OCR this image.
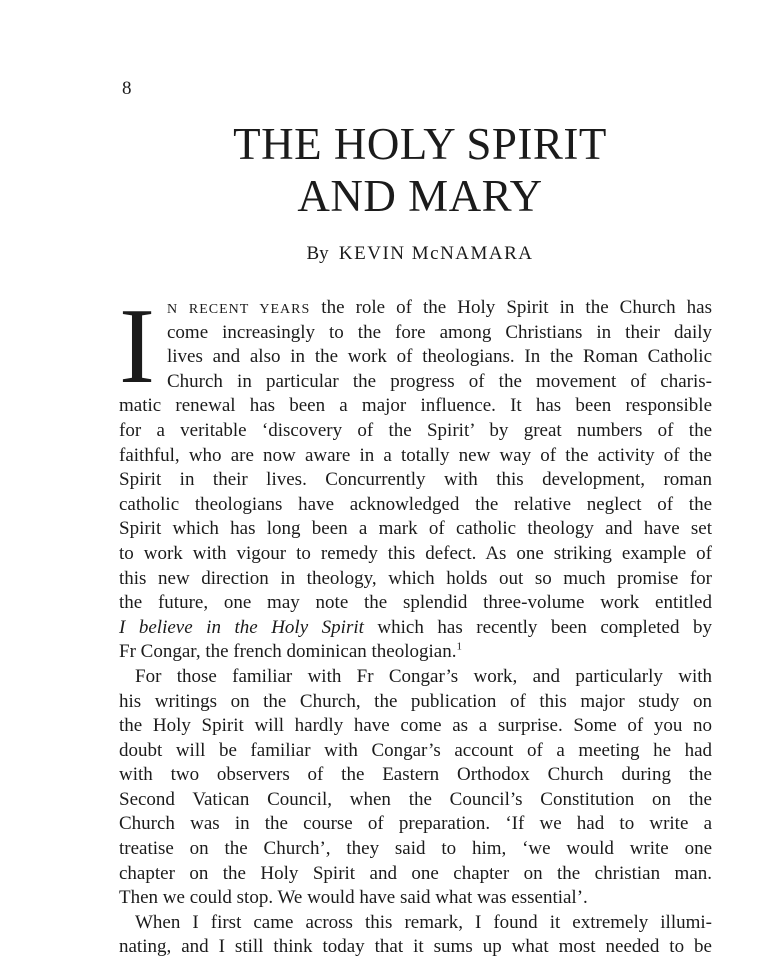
8
THE HOLY SPIRIT
AND MARY
By KEVIN McNAMARA
I N RECENT YEARS the role of the Holy Spirit in the Church has
come increasingly to the fore among Christians in their daily
lives and also in the work of theologians. In the Roman Catholic
Church in particular the progress of the movement of charis-
matic renewal has been a major influence. It has been responsible
for a veritable ‘discovery of the Spirit’ by great numbers of the
faithful, who are now aware in a totally new way of the activity of the
Spirit in their lives. Concurrently with this development, roman
catholic theologians have acknowledged the relative neglect of the
Spirit which has long been a mark of catholic theology and have set
to work with vigour to remedy this defect. As one striking example of
this new direction in theology, which holds out so much promise for
the future, one may note the splendid three-volume work entitled
I believe in the Holy Spirit which has recently been completed by
Fr Congar, the french dominican theologian.$^1$
For those familiar with Fr Congar’s work, and particularly with
his writings on the Church, the publication of this major study on
the Holy Spirit will hardly have come as a surprise. Some of you no
doubt will be familiar with Congar’s account of a meeting he had
with two observers of the Eastern Orthodox Church during the
Second Vatican Council, when the Council’s Constitution on the
Church was in the course of preparation. ‘If we had to write a
treatise on the Church’, they said to him, ‘we would write one
chapter on the Holy Spirit and one chapter on the christian man.
Then we could stop. We would have said what was essential’.
When I first came across this remark, I found it extremely illumi-
nating, and I still think today that it sums up what most needed to be
